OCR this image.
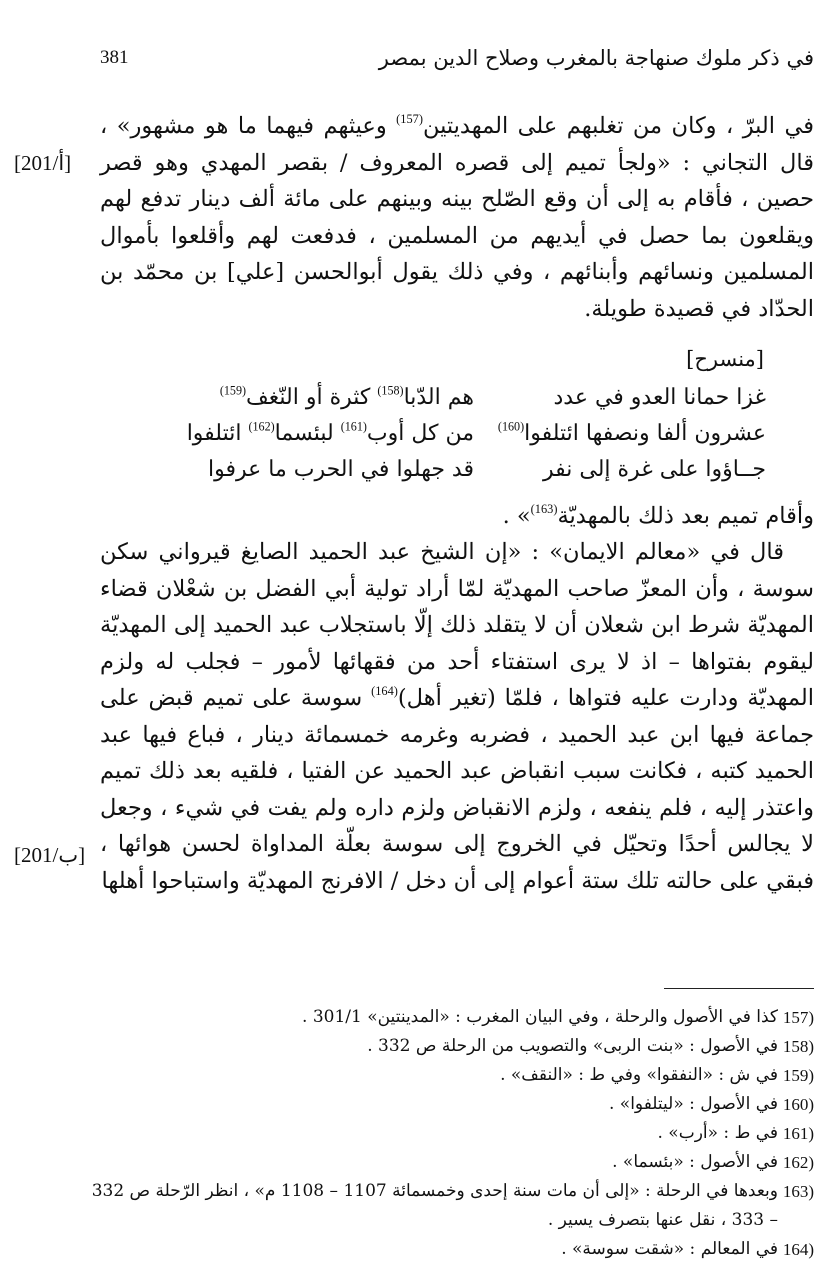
في ذكر ملوك صنهاجة بالمغرب وصلاح الدين بمصر
381
[201/أ]
[201/ب]

في البرّ ، وكان من تغلبهم على المهديتين$^{(157)}$ وعيثهم فيهما ما هو مشهور» ، قال التجاني : «ولجأ تميم إلى قصره المعروف / بقصر المهدي وهو قصر حصين ، فأقام به إلى أن وقع الصّلح بينه وبينهم على مائة ألف دينار تدفع لهم ويقلعون بما حصل في أيديهم من المسلمين ، فدفعت لهم وأقلعوا بأموال المسلمين ونسائهم وأبنائهم ، وفي ذلك يقول أبوالحسن [علي] بن محمّد بن الحدّاد في قصيدة طويلة.

[منسرح]
غزا حمانا العدو في عدد
هم الدّبا$^{(158)}$ كثرة أو النّغف$^{(159)}$
عشرون ألفا ونصفها ائتلفوا$^{(160)}$
من كل أوب$^{(161)}$ لبئسما$^{(162)}$ ائتلفوا
جــاؤوا على غرة إلى نفر
قد جهلوا في الحرب ما عرفوا

وأقام تميم بعد ذلك بالمهديّة$^{(163)}$» .

قال في «معالم الايمان» : «إن الشيخ عبد الحميد الصايغ قيرواني سكن سوسة ، وأن المعزّ صاحب المهديّة لمّا أراد تولية أبي الفضل بن شعْلان قضاء المهديّة شرط ابن شعلان أن لا يتقلد ذلك إلّا باستجلاب عبد الحميد إلى المهديّة ليقوم بفتواها – اذ لا يرى استفتاء أحد من فقهائها لأمور – فجلب له ولزم المهديّة ودارت عليه فتواها ، فلمّا (تغير أهل)$^{(164)}$ سوسة على تميم قبض على جماعة فيها ابن عبد الحميد ، فضربه وغرمه خمسمائة دينار ، فباع فيها عبد الحميد كتبه ، فكانت سبب انقباض عبد الحميد عن الفتيا ، فلقيه بعد ذلك تميم واعتذر إليه ، فلم ينفعه ، ولزم الانقباض ولزم داره ولم يفت في شيء ، وجعل لا يجالس أحدًا وتحيّل في الخروج إلى سوسة بعلّة المداواة لحسن هوائها ، فبقي على حالته تلك ستة أعوام إلى أن دخل / الافرنج المهديّة واستباحوا أهلها

(157
كذا في الأصول والرحلة ، وفي البيان المغرب : «المدينتين» 301/1 .
(158
في الأصول : «بنت الربى» والتصويب من الرحلة ص 332 .
(159
في ش : «النفقوا» وفي ط : «النقف» .
(160
في الأصول : «ليتلفوا» .
(161
في ط : «أرب» .
(162
في الأصول : «بئسما» .
(163
وبعدها في الرحلة : «إلى أن مات سنة إحدى وخمسمائة 1107 – 1108 م» ، انظر الرّحلة ص 332 – 333 ، نقل عنها بتصرف يسير .
(164
في المعالم : «شقت سوسة» .
